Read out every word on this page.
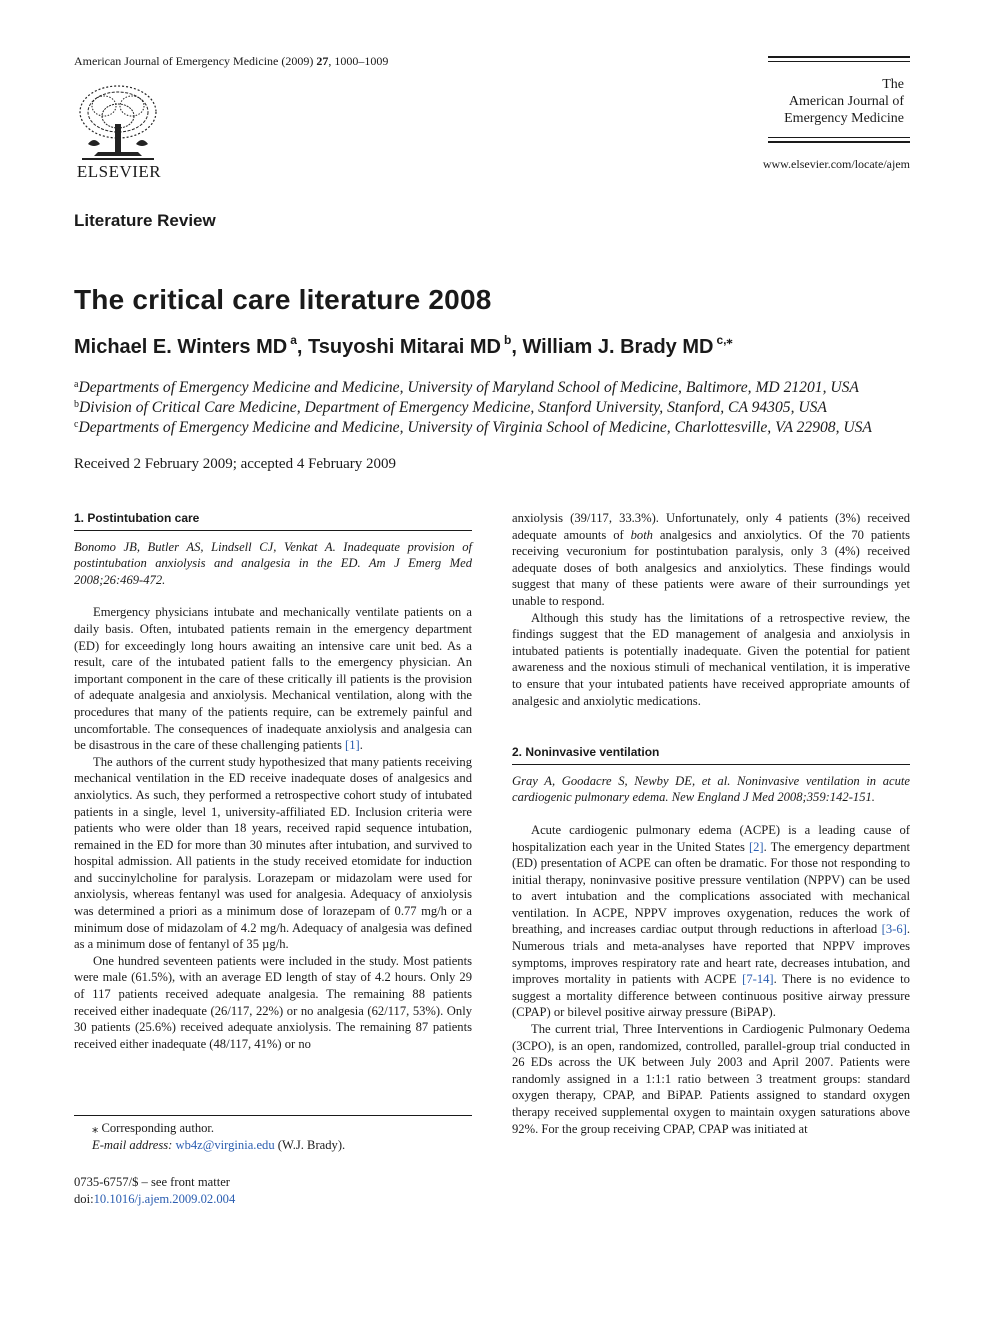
American Journal of Emergency Medicine (2009) 27, 1000–1009
ELSEVIER
The
American Journal of
Emergency Medicine
www.elsevier.com/locate/ajem
Literature Review
The critical care literature 2008
Michael E. Winters MD $^a$, Tsuyoshi Mitarai MD $^b$, William J. Brady MD $^{c,⁎}$
$^a$Departments of Emergency Medicine and Medicine, University of Maryland School of Medicine, Baltimore, MD 21201, USA
$^b$Division of Critical Care Medicine, Department of Emergency Medicine, Stanford University, Stanford, CA 94305, USA
$^c$Departments of Emergency Medicine and Medicine, University of Virginia School of Medicine, Charlottesville, VA 22908, USA
Received 2 February 2009; accepted 4 February 2009
1. Postintubation care
Bonomo JB, Butler AS, Lindsell CJ, Venkat A. Inadequate provision of postintubation anxiolysis and analgesia in the ED. Am J Emerg Med 2008;26:469-472.

Emergency physicians intubate and mechanically ventilate patients on a daily basis. Often, intubated patients remain in the emergency department (ED) for exceedingly long hours awaiting an intensive care unit bed. As a result, care of the intubated patient falls to the emergency physician. An important component in the care of these critically ill patients is the provision of adequate analgesia and anxiolysis. Mechanical ventilation, along with the procedures that many of the patients require, can be extremely painful and uncomfortable. The consequences of inadequate anxiolysis and analgesia can be disastrous in the care of these challenging patients [1].

The authors of the current study hypothesized that many patients receiving mechanical ventilation in the ED receive inadequate doses of analgesics and anxiolytics. As such, they performed a retrospective cohort study of intubated patients in a single, level 1, university-affiliated ED. Inclusion criteria were patients who were older than 18 years, received rapid sequence intubation, remained in the ED for more than 30 minutes after intubation, and survived to hospital admission. All patients in the study received etomidate for induction and succinylcholine for paralysis. Lorazepam or midazolam were used for anxiolysis, whereas fentanyl was used for analgesia. Adequacy of anxiolysis was determined a priori as a minimum dose of lorazepam of 0.77 mg/h or a minimum dose of midazolam of 4.2 mg/h. Adequacy of analgesia was defined as a minimum dose of fentanyl of 35 µg/h.

One hundred seventeen patients were included in the study. Most patients were male (61.5%), with an average ED length of stay of 4.2 hours. Only 29 of 117 patients received adequate analgesia. The remaining 88 patients received either inadequate (26/117, 22%) or no analgesia (62/117, 53%). Only 30 patients (25.6%) received adequate anxiolysis. The remaining 87 patients received either inadequate (48/117, 41%) or no

⁎ Corresponding author.
E-mail address: wb4z@virginia.edu (W.J. Brady).
0735-6757/$ – see front matter
doi:10.1016/j.ajem.2009.02.004

anxiolysis (39/117, 33.3%). Unfortunately, only 4 patients (3%) received adequate amounts of both analgesics and anxiolytics. Of the 70 patients receiving vecuronium for postintubation paralysis, only 3 (4%) received adequate doses of both analgesics and anxiolytics. These findings would suggest that many of these patients were aware of their surroundings yet unable to respond.

Although this study has the limitations of a retrospective review, the findings suggest that the ED management of analgesia and anxiolysis in intubated patients is potentially inadequate. Given the potential for patient awareness and the noxious stimuli of mechanical ventilation, it is imperative to ensure that your intubated patients have received appropriate amounts of analgesic and anxiolytic medications.

2. Noninvasive ventilation
Gray A, Goodacre S, Newby DE, et al. Noninvasive ventilation in acute cardiogenic pulmonary edema. New England J Med 2008;359:142-151.

Acute cardiogenic pulmonary edema (ACPE) is a leading cause of hospitalization each year in the United States [2]. The emergency department (ED) presentation of ACPE can often be dramatic. For those not responding to initial therapy, noninvasive positive pressure ventilation (NPPV) can be used to avert intubation and the complications associated with mechanical ventilation. In ACPE, NPPV improves oxygenation, reduces the work of breathing, and increases cardiac output through reductions in afterload [3-6]. Numerous trials and meta-analyses have reported that NPPV improves symptoms, improves respiratory rate and heart rate, decreases intubation, and improves mortality in patients with ACPE [7-14]. There is no evidence to suggest a mortality difference between continuous positive airway pressure (CPAP) or bilevel positive airway pressure (BiPAP).

The current trial, Three Interventions in Cardiogenic Pulmonary Oedema (3CPO), is an open, randomized, controlled, parallel-group trial conducted in 26 EDs across the UK between July 2003 and April 2007. Patients were randomly assigned in a 1:1:1 ratio between 3 treatment groups: standard oxygen therapy, CPAP, and BiPAP. Patients assigned to standard oxygen therapy received supplemental oxygen to maintain oxygen saturations above 92%. For the group receiving CPAP, CPAP was initiated at
